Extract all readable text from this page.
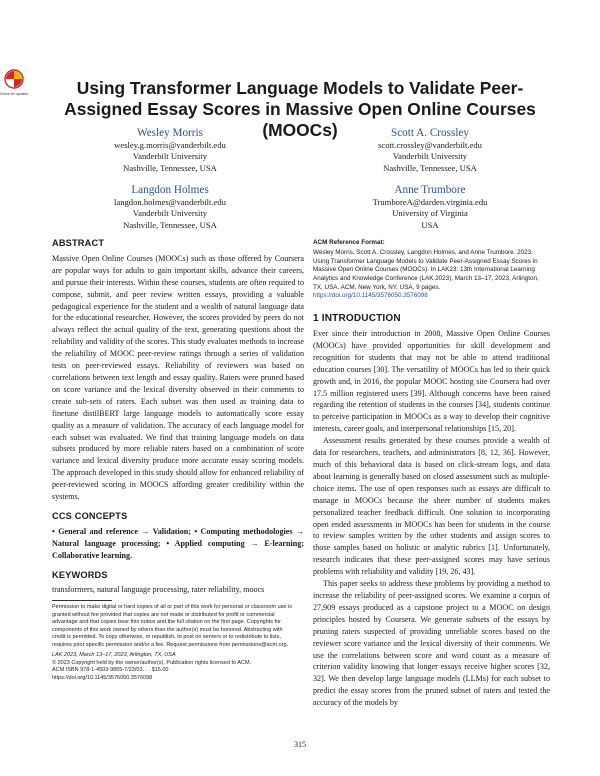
Check for updates	Using Transformer Language Models to Validate Peer-Assigned Essay Scores in Massive Open Online Courses (MOOCs)
Wesley Morris
wesley.g.morris@vanderbilt.edu
Vanderbilt University
Nashville, Tennessee, USA
Scott A. Crossley
scott.crossley@vanderbilt.edu
Vanderbilt University
Nashville, Tennessee, USA
Langdon Holmes
langdon.holmes@vanderbilt.edu
Vanderbilt University
Nashville, Tennessee, USA
Anne Trumbore
TrumboreA@darden.virginia.edu
University of Virginia
USA
ABSTRACT

Massive Open Online Courses (MOOCs) such as those offered by Coursera are popular ways for adults to gain important skills, advance their careers, and pursue their interests. Within these courses, students are often required to compose, submit, and peer review written essays, providing a valuable pedagogical experience for the student and a wealth of natural language data for the educational researcher. However, the scores provided by peers do not always reflect the actual quality of the text, generating questions about the reliability and validity of the scores. This study evaluates methods to increase the reliability of MOOC peer-review ratings through a series of validation tests on peer-reviewed essays. Reliability of reviewers was based on correlations between text length and essay quality. Raters were pruned based on score variance and the lexical diversity observed in their comments to create sub-sets of raters. Each subset was then used as training data to finetune distilBERT large language models to automatically score essay quality as a measure of validation. The accuracy of each language model for each subset was evaluated. We find that training language models on data subsets produced by more reliable raters based on a combination of score variance and lexical diversity produce more accurate essay scoring models. The approach developed in this study should allow for enhanced reliability of peer-reviewed scoring in MOOCS affording greater credibility within the systems.

CCS CONCEPTS

• General and reference → Validation; • Computing methodologies → Natural language processing; • Applied computing → E-learning; Collaborative learning.

KEYWORDS

transformers, natural language processing, rater reliability, moocs

Permission to make digital or hard copies of all or part of this work for personal or classroom use is granted without fee provided that copies are not made or distributed for profit or commercial advantage and that copies bear this notice and the full citation on the first page. Copyrights for components of this work owned by others than the author(s) must be honored. Abstracting with credit is permitted. To copy otherwise, or republish, to post on servers or to redistribute to lists, requires prior specific permission and/or a fee. Request permissions from permissions@acm.org.

LAK 2023, March 13–17, 2023, Arlington, TX, USA

© 2023 Copyright held by the owner/author(s). Publication rights licensed to ACM.

ACM ISBN 978-1-4503-9865-7/23/03. . . $15.00

https://doi.org/10.1145/3576050.3576098

ACM Reference Format:

Wesley Morris, Scott A. Crossley, Langdon Holmes, and Anne Trumbore. 2023. Using Transformer Language Models to Validate Peer-Assigned Essay Scores in Massive Open Online Courses (MOOCs). In LAK23: 13th International Learning Analytics and Knowledge Conference (LAK 2023), March 13–17, 2023, Arlington, TX, USA. ACM, New York, NY, USA, 9 pages.

https://doi.org/10.1145/3576050.3576098

1 INTRODUCTION

Ever since their introduction in 2008, Massive Open Online Courses (MOOCs) have provided opportunities for skill development and recognition for students that may not be able to attend traditional education courses [30]. The versatility of MOOCs has led to their quick growth and, in 2016, the popular MOOC hosting site Coursera had over 17.5 million registered users [39]. Although concerns have been raised regarding the retention of students in the courses [34], students continue to perceive participation in MOOCs as a way to develop their cognitive interests, career goals, and interpersonal relationships [15, 20].

Assessment results generated by these courses provide a wealth of data for researchers, teachers, and administrators [8, 12, 36]. However, much of this behavioral data is based on click-stream logs, and data about learning is generally based on closed assessment such as multiple-choice items. The use of open responses such as essays are difficult to manage in MOOCs because the sheer number of students makes personalized teacher feedback difficult. One solution to incorporating open ended assessments in MOOCs has been for students in the course to review samples written by the other students and assign scores to those samples based on holistic or analytic rubrics [1]. Unfortunately, research indicates that these peer-assigned scores may have serious problems with reliability and validity [19, 26, 43].

This paper seeks to address these problems by providing a method to increase the reliability of peer-assigned scores. We examine a corpus of 27,909 essays produced as a capstone project to a MOOC on design principles hosted by Coursera. We generate subsets of the essays by pruning raters suspected of providing unreliable scores based on the reviewer score variance and the lexical diversity of their comments. We use the correlations between score and word count as a measure of criterion validity knowing that longer essays receive higher scores [32, 32]. We then develop large language models (LLMs) for each subset to predict the essay scores from the pruned subset of raters and tested the accuracy of the models by

315
